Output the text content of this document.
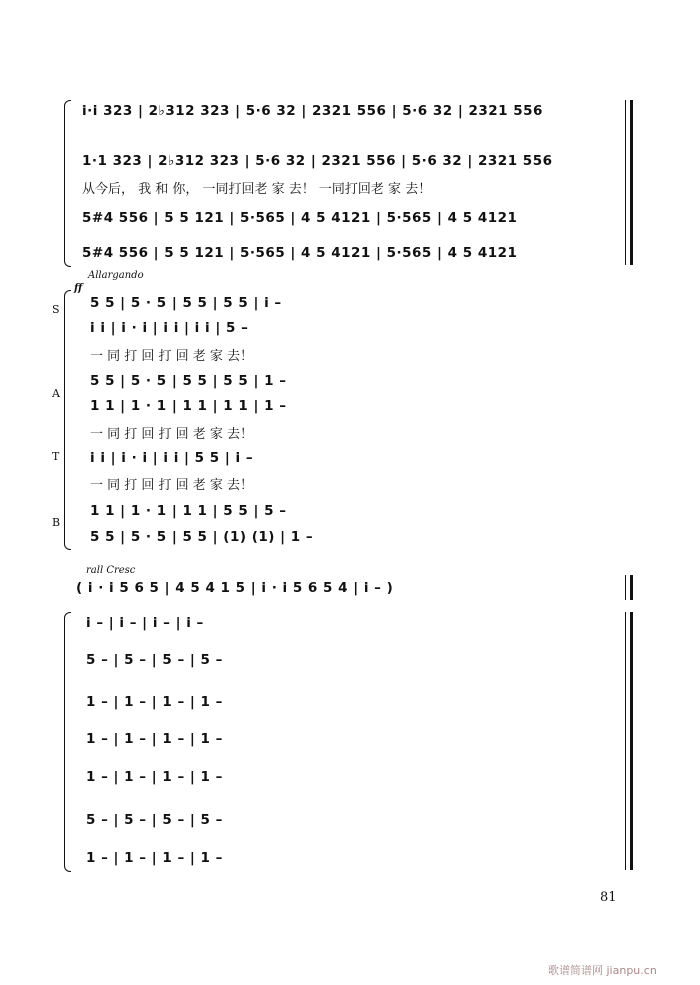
i·i 323 | 2♭312 323 | 5·6 32 | 2321 556 | 5·6 32 | 2321 556
1·1 323 | 2♭312 323 | 5·6 32 | 2321 556 | 5·6 32 | 2321 556
从今后， 我 和 你， 一同打回老 家 去！ 一同打回老 家 去！
5#4 556 | 5 5 121 | 5·565 | 4 5 4121 | 5·565 | 4 5 4121
5#4 556 | 5 5 121 | 5·565 | 4 5 4121 | 5·565 | 4 5 4121
Allargando
ff
S 5 5 | 5 · 5 | 5 5 | 5 5 | i –
i i | i · i | i i | i i | 5 –
一 同 打 回 打 回 老 家 去！
A
5 5 | 5 · 5 | 5 5 | 5 5 | 1 –
1 1 | 1 · 1 | 1 1 | 1 1 | 1 –
一 同 打 回 打 回 老 家 去！
T i i | i · i | i i | 5 5 | i –
一 同 打 回 打 回 老 家 去！
B
1 1 | 1 · 1 | 1 1 | 5 5 | 5 –
5 5 | 5 · 5 | 5 5 | (1) (1) | 1 –
rall Cresc
( i · i 5 6 5 | 4 5 4 1 5 | i · i 5 6 5 4 | i – )
i – | i – | i – | i –
5 – | 5 – | 5 – | 5 –
1 – | 1 – | 1 – | 1 –
1 – | 1 – | 1 – | 1 –
1 – | 1 – | 1 – | 1 –
5 – | 5 – | 5 – | 5 –
1 – | 1 – | 1 – | 1 –
81
歌谱简谱网 jianpu.cn
